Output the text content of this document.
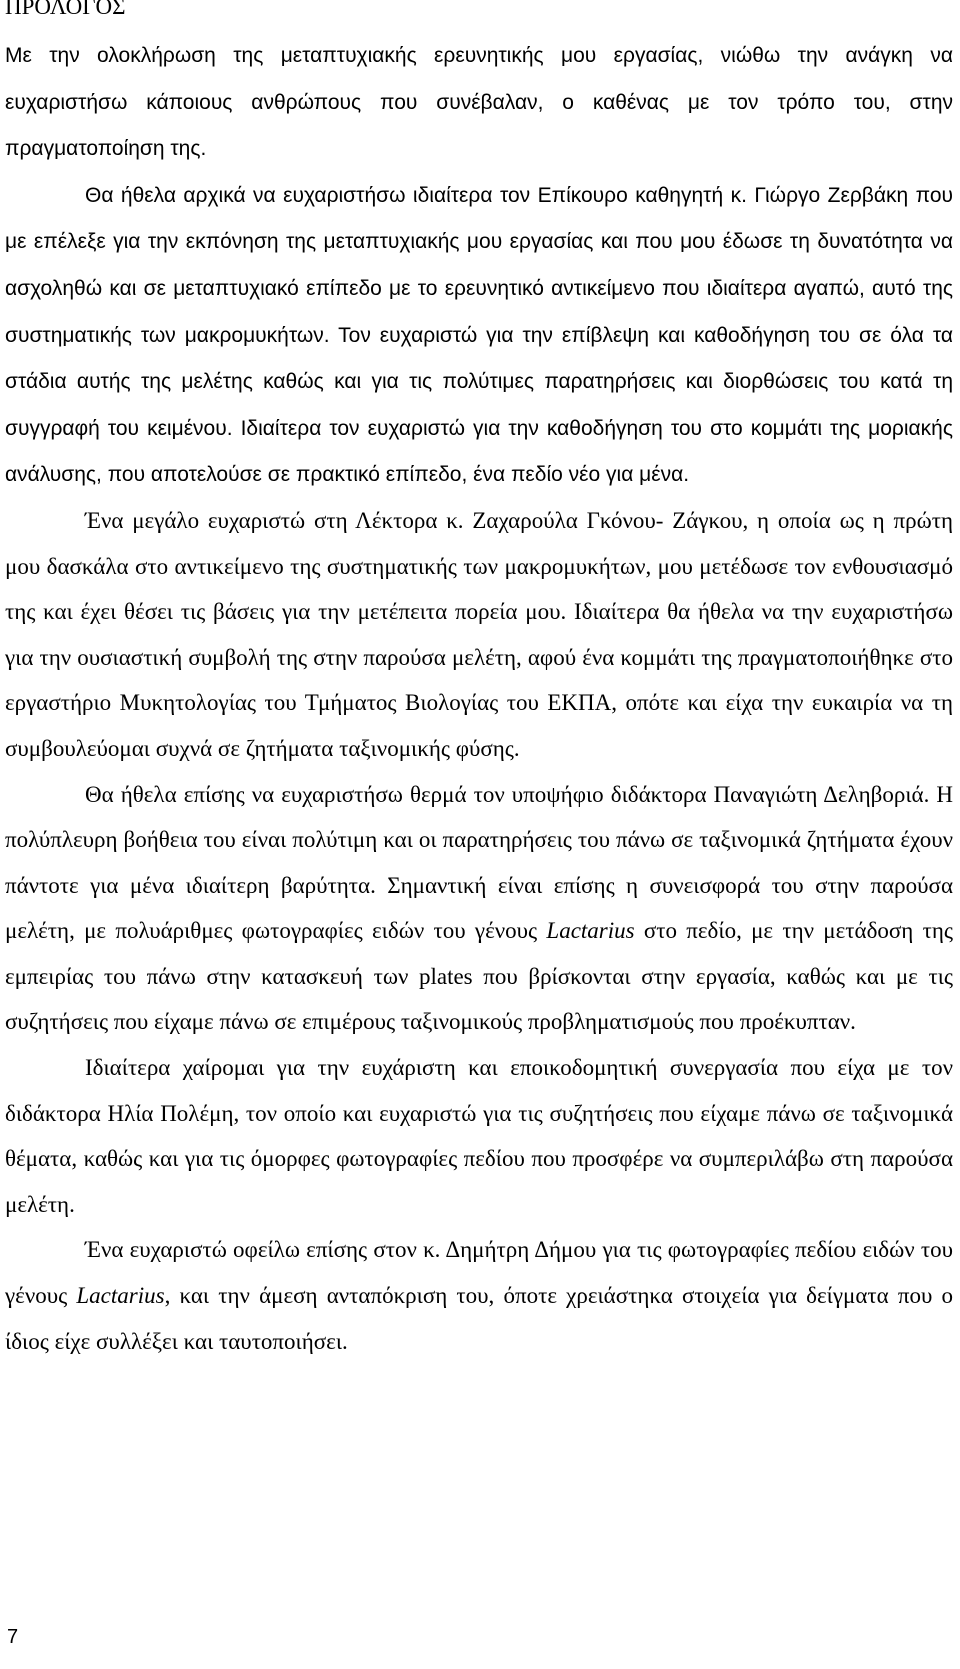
ΠΡΟΛΟΓΟΣ

Με την ολοκλήρωση της μεταπτυχιακής ερευνητικής μου εργασίας, νιώθω την ανάγκη να ευχαριστήσω κάποιους ανθρώπους που συνέβαλαν, ο καθένας με τον τρόπο του, στην πραγματοποίηση της.

Θα ήθελα αρχικά να ευχαριστήσω ιδιαίτερα τον Επίκουρο καθηγητή κ. Γιώργο Ζερβάκη που με επέλεξε για την εκπόνηση της μεταπτυχιακής μου εργασίας και που μου έδωσε τη δυνατότητα να ασχοληθώ και σε μεταπτυχιακό επίπεδο με το ερευνητικό αντικείμενο που ιδιαίτερα αγαπώ, αυτό της συστηματικής των μακρομυκήτων. Τον ευχαριστώ για την επίβλεψη και καθοδήγηση του σε όλα τα στάδια αυτής της μελέτης καθώς και για τις πολύτιμες παρατηρήσεις και διορθώσεις του κατά τη συγγραφή του κειμένου. Ιδιαίτερα τον ευχαριστώ για την καθοδήγηση του στο κομμάτι της μοριακής ανάλυσης, που αποτελούσε σε πρακτικό επίπεδο, ένα πεδίο νέο για μένα.

Ένα μεγάλο ευχαριστώ στη Λέκτορα κ. Ζαχαρούλα Γκόνου- Ζάγκου, η οποία ως η πρώτη μου δασκάλα στο αντικείμενο της συστηματικής των μακρομυκήτων, μου μετέδωσε τον ενθουσιασμό της και έχει θέσει τις βάσεις για την μετέπειτα πορεία μου. Ιδιαίτερα θα ήθελα να την ευχαριστήσω για την ουσιαστική συμβολή της στην παρούσα μελέτη, αφού ένα κομμάτι της πραγματοποιήθηκε στο εργαστήριο Μυκητολογίας του Τμήματος Βιολογίας του ΕΚΠΑ, οπότε και είχα την ευκαιρία να τη συμβουλεύομαι συχνά σε ζητήματα ταξινομικής φύσης.

Θα ήθελα επίσης να ευχαριστήσω θερμά τον υποψήφιο διδάκτορα Παναγιώτη Δεληβοριά. Η πολύπλευρη βοήθεια του είναι πολύτιμη και οι παρατηρήσεις του πάνω σε ταξινομικά ζητήματα έχουν πάντοτε για μένα ιδιαίτερη βαρύτητα. Σημαντική είναι επίσης η συνεισφορά του στην παρούσα μελέτη, με πολυάριθμες φωτογραφίες ειδών του γένους Lactarius στο πεδίο, με την μετάδοση της εμπειρίας του πάνω στην κατασκευή των plates που βρίσκονται στην εργασία, καθώς και με τις συζητήσεις που είχαμε πάνω σε επιμέρους ταξινομικούς προβληματισμούς που προέκυπταν.

Ιδιαίτερα χαίρομαι για την ευχάριστη και εποικοδομητική συνεργασία που είχα με τον διδάκτορα Ηλία Πολέμη, τον οποίο και ευχαριστώ για τις συζητήσεις που είχαμε πάνω σε ταξινομικά θέματα, καθώς και για τις όμορφες φωτογραφίες πεδίου που προσφέρε να συμπεριλάβω στη παρούσα μελέτη.

Ένα ευχαριστώ οφείλω επίσης στον κ. Δημήτρη Δήμου για τις φωτογραφίες πεδίου ειδών του γένους Lactarius, και την άμεση ανταπόκριση του, όποτε χρειάστηκα στοιχεία για δείγματα που ο ίδιος είχε συλλέξει και ταυτοποιήσει.

7
